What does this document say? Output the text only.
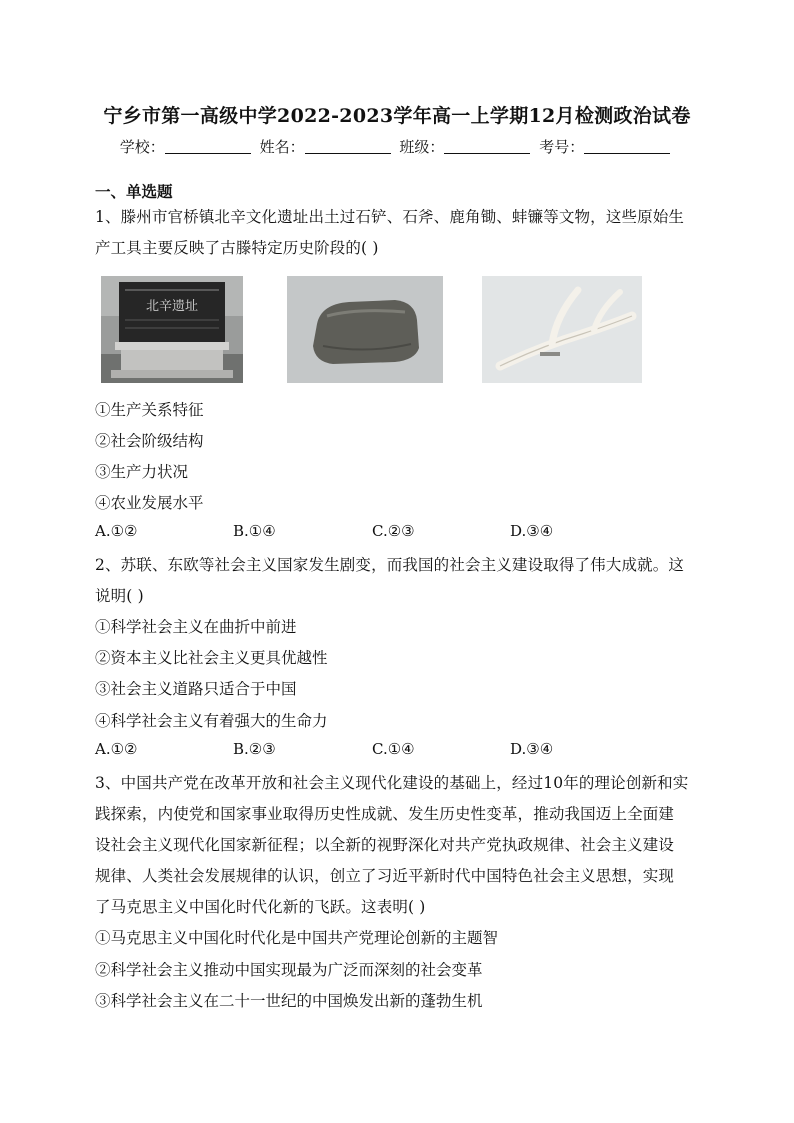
宁乡市第一高级中学2022-2023学年高一上学期12月检测政治试卷
学校：	姓名：	班级：	考号：
一、单选题
1、滕州市官桥镇北辛文化遗址出土过石铲、石斧、鹿角锄、蚌镰等文物，这些原始生
产工具主要反映了古滕特定历史阶段的( )
北辛遗址
①生产关系特征
②社会阶级结构
③生产力状况
④农业发展水平
A.①②	B.①④	C.②③	D.③④
2、苏联、东欧等社会主义国家发生剧变，而我国的社会主义建设取得了伟大成就。这
说明( )
①科学社会主义在曲折中前进
②资本主义比社会主义更具优越性
③社会主义道路只适合于中国
④科学社会主义有着强大的生命力
A.①②	B.②③	C.①④	D.③④
3、中国共产党在改革开放和社会主义现代化建设的基础上，经过10年的理论创新和实
践探索，内使党和国家事业取得历史性成就、发生历史性变革，推动我国迈上全面建
设社会主义现代化国家新征程；以全新的视野深化对共产党执政规律、社会主义建设
规律、人类社会发展规律的认识，创立了习近平新时代中国特色社会主义思想，实现
了马克思主义中国化时代化新的飞跃。这表明( )
①马克思主义中国化时代化是中国共产党理论创新的主题智
②科学社会主义推动中国实现最为广泛而深刻的社会变革
③科学社会主义在二十一世纪的中国焕发出新的蓬勃生机
